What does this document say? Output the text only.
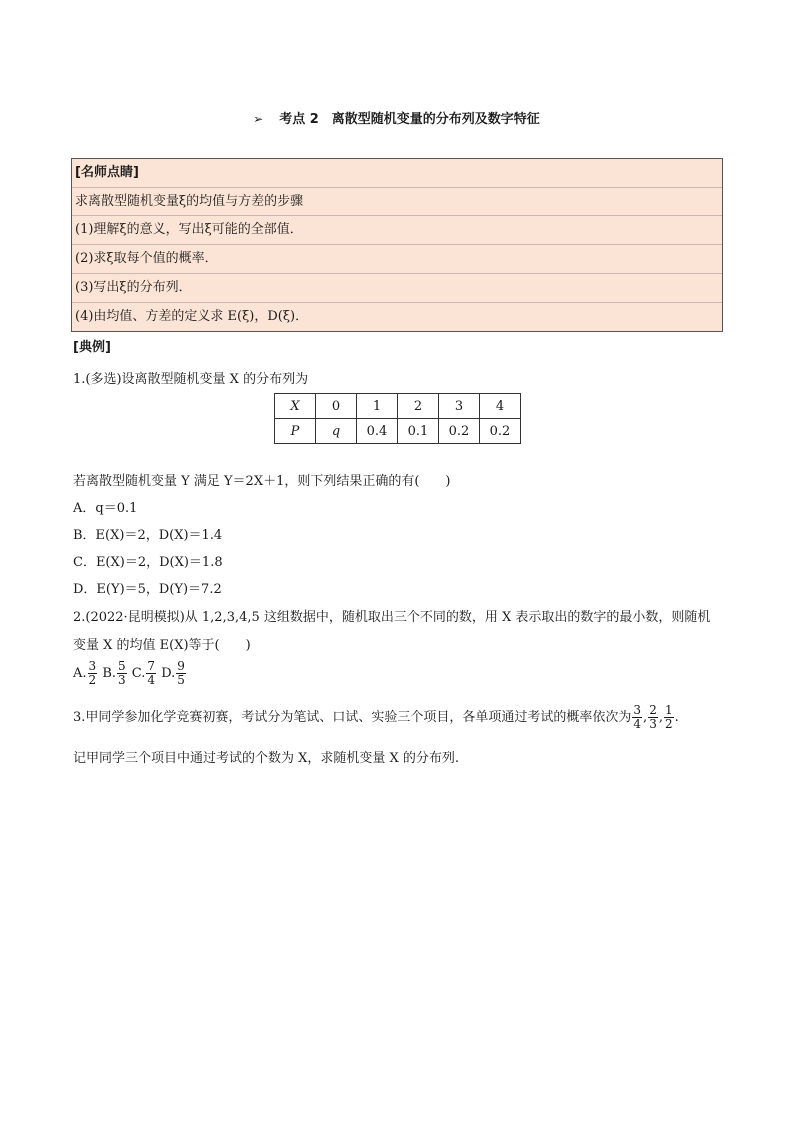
➢ 考点 2　离散型随机变量的分布列及数字特征
[名师点睛]
求离散型随机变量ξ的均值与方差的步骤
(1)理解ξ的意义，写出ξ可能的全部值．
(2)求ξ取每个值的概率．
(3)写出ξ的分布列．
(4)由均值、方差的定义求 E(ξ)，D(ξ)．
[典例]
1.(多选)设离散型随机变量 X 的分布列为
X	0	1	2	3	4
P	q	0.4	0.1	0.2	0.2
若离散型随机变量 Y 满足 Y＝2X＋1，则下列结果正确的有(　　)
A．q＝0.1
B．E(X)＝2，D(X)＝1.4
C．E(X)＝2，D(X)＝1.8
D．E(Y)＝5，D(Y)＝7.2
2.(2022·昆明模拟)从 1,2,3,4,5 这组数据中，随机取出三个不同的数，用 X 表示取出的数字的最小数，则随机
变量 X 的均值 E(X)等于(　　)
A. $\frac{3}{2} B$. $\frac{5}{3} C$. $\frac{7}{4} D$. $\frac{9}{5}$
3.甲同学参加化学竞赛初赛，考试分为笔试、口试、实验三个项目，各单项通过考试的概率依次为 $\frac{3}{4}$ , $\frac{2}{3}$ , $\frac{1}{2}$ .
记甲同学三个项目中通过考试的个数为 X，求随机变量 X 的分布列.
